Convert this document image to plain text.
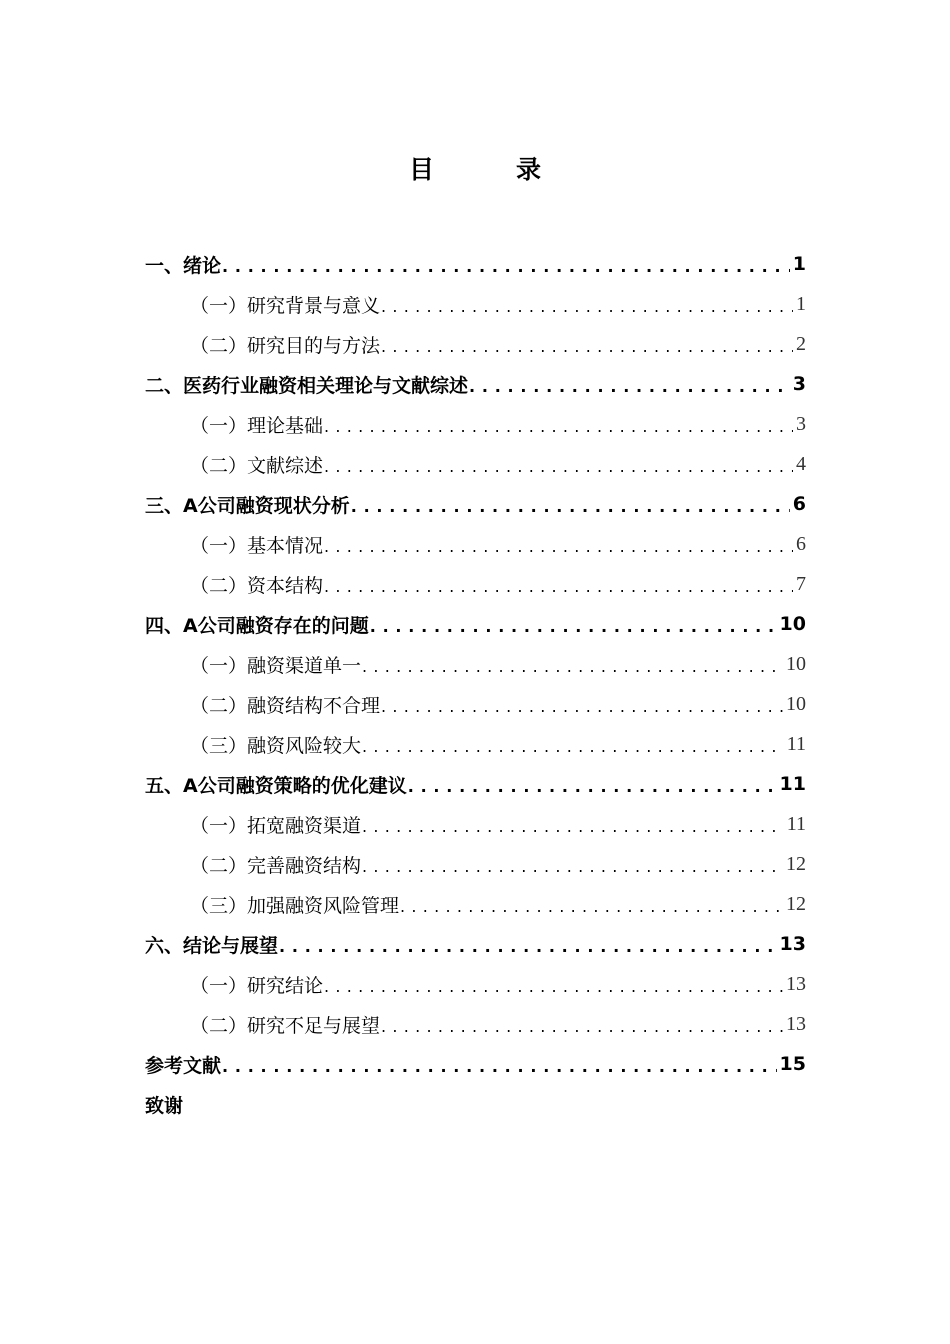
目	录
一、绪论 . . .	1
（一）研究背景与意义 . . .	1
（二）研究目的与方法 . . .	2
二、医药行业融资相关理论与文献综述 . . .	3
（一）理论基础 . . .	3
（二）文献综述 . . .	4
三、A公司融资现状分析 . . .	6
（一）基本情况 . . .	6
（二）资本结构 . . .	7
四、A公司融资存在的问题 . . .	10
（一）融资渠道单一 . . .	10
（二）融资结构不合理 . . .	10
（三）融资风险较大 . . .	11
五、A公司融资策略的优化建议 . . .	11
（一）拓宽融资渠道 . . .	11
（二）完善融资结构 . . .	12
（三）加强融资风险管理 . . .	12
六、结论与展望 . . .	13
（一）研究结论 . . .	13
（二）研究不足与展望 . . .	13
参考文献 . . .	15
致谢
